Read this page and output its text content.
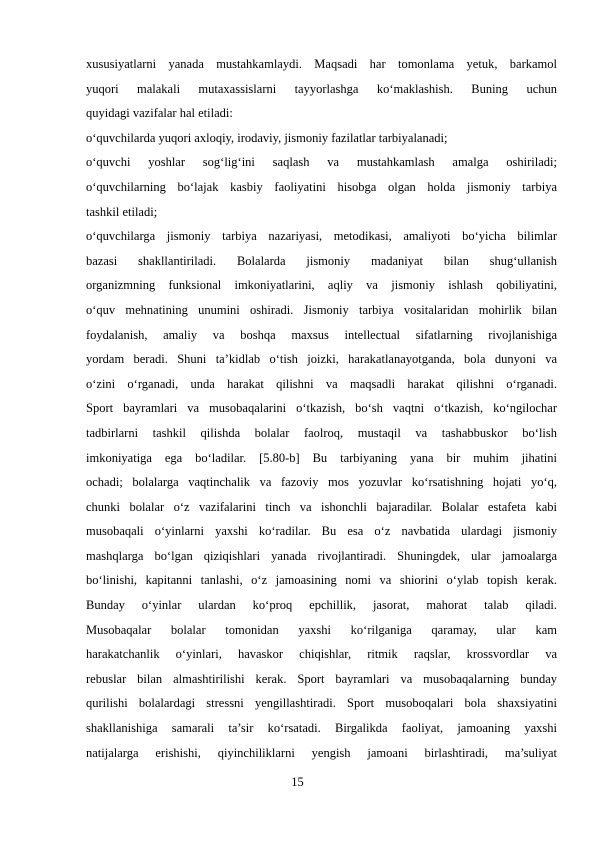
xususiyatlarni yanada mustahkamlaydi. Maqsadi har tomonlama yetuk, barkamol
yuqori malakali mutaxassislarni tayyorlashga ko‘maklashish. Buning uchun
quyidagi vazifalar hal etiladi:
o‘quvchilarda yuqori axloqiy, irodaviy, jismoniy fazilatlar tarbiyalanadi;
o‘quvchi yoshlar sog‘lig‘ini saqlash va mustahkamlash amalga oshiriladi;
o‘quvchilarning bo‘lajak kasbiy faoliyatini hisobga olgan holda jismoniy tarbiya
tashkil etiladi;
o‘quvchilarga jismoniy tarbiya nazariyasi, metodikasi, amaliyoti bo‘yicha bilimlar
bazasi shakllantiriladi. Bolalarda jismoniy madaniyat bilan shug‘ullanish
organizmning funksional imkoniyatlarini, aqliy va jismoniy ishlash qobiliyatini,
o‘quv mehnatining unumini oshiradi. Jismoniy tarbiya vositalaridan mohirlik bilan
foydalanish, amaliy va boshqa maxsus intellectual sifatlarning rivojlanishiga
yordam beradi. Shuni ta’kidlab o‘tish joizki, harakatlanayotganda, bola dunyoni va
o‘zini o‘rganadi, unda harakat qilishni va maqsadli harakat qilishni o‘rganadi.
Sport bayramlari va musobaqalarini o‘tkazish, bo‘sh vaqtni o‘tkazish, ko‘ngilochar
tadbirlarni tashkil qilishda bolalar faolroq, mustaqil va tashabbuskor bo‘lish
imkoniyatiga ega bo‘ladilar. [5.80-b] Bu tarbiyaning yana bir muhim jihatini
ochadi; bolalarga vaqtinchalik va fazoviy mos yozuvlar ko‘rsatishning hojati yo‘q,
chunki bolalar o‘z vazifalarini tinch va ishonchli bajaradilar. Bolalar estafeta kabi
musobaqali o‘yinlarni yaxshi ko‘radilar. Bu esa o‘z navbatida ulardagi jismoniy
mashqlarga bo‘lgan qiziqishlari yanada rivojlantiradi. Shuningdek, ular jamoalarga
bo‘linishi, kapitanni tanlashi, o‘z jamoasining nomi va shiorini o‘ylab topish kerak.
Bunday o‘yinlar ulardan ko‘proq epchillik, jasorat, mahorat talab qiladi.
Musobaqalar bolalar tomonidan yaxshi ko‘rilganiga qaramay, ular kam
harakatchanlik o‘yinlari, havaskor chiqishlar, ritmik raqslar, krossvordlar va
rebuslar bilan almashtirilishi kerak. Sport bayramlari va musobaqalarning bunday
qurilishi bolalardagi stressni yengillashtiradi. Sport musoboqalari bola shaxsiyatini
shakllanishiga samarali ta’sir ko‘rsatadi. Birgalikda faoliyat, jamoaning yaxshi
natijalarga erishishi, qiyinchiliklarni yengish jamoani birlashtiradi, ma’suliyat
15
